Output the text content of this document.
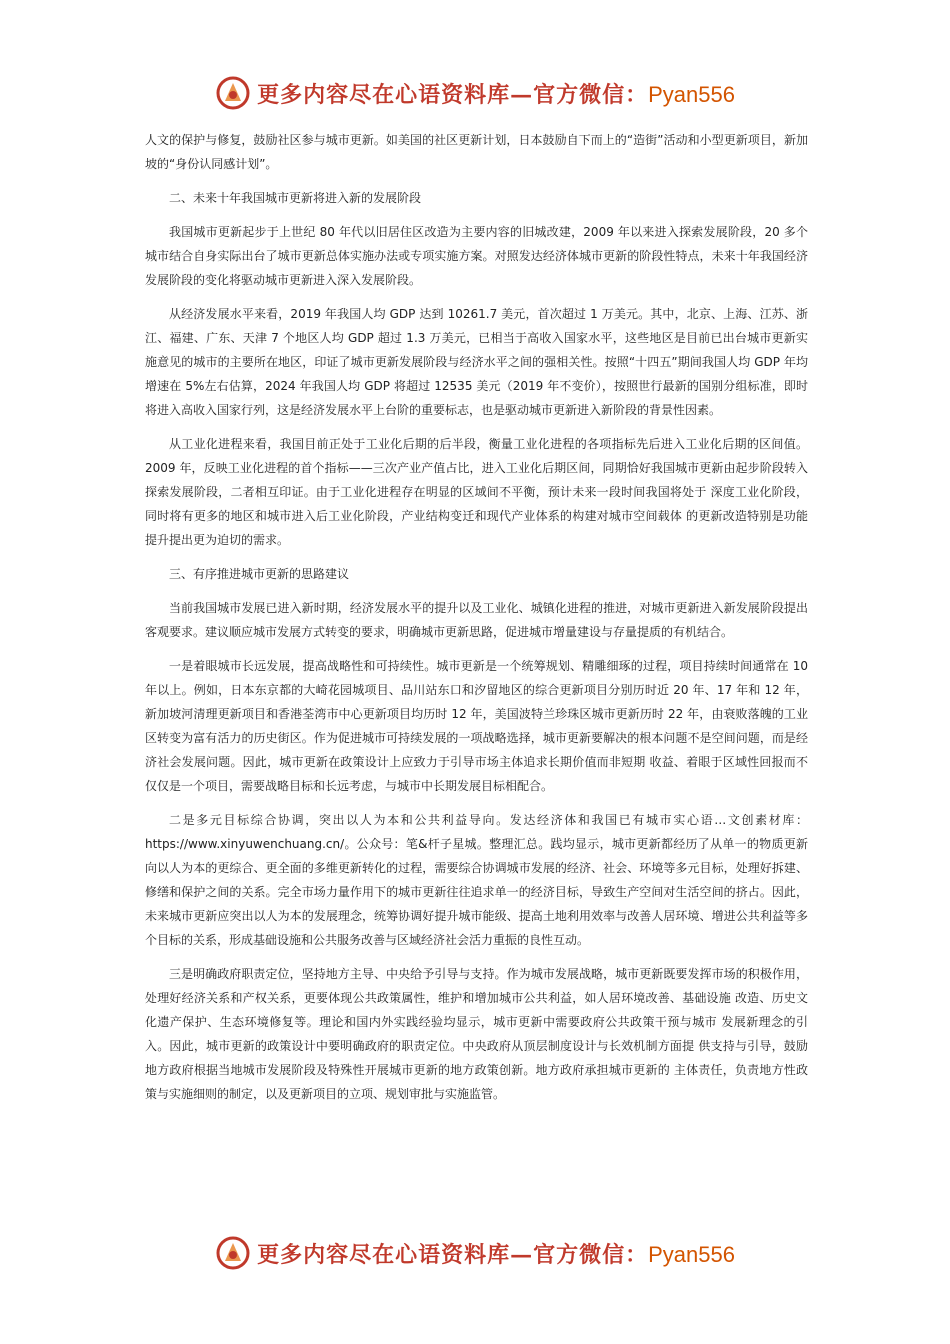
更多内容尽在心语资料库—官方微信：Pyan556

人文的保护与修复，鼓励社区参与城市更新。如美国的社区更新计划，日本鼓励自下而上的“造街”活动和小型更新项目，新加坡的“身份认同感计划”。

二、未来十年我国城市更新将进入新的发展阶段

我国城市更新起步于上世纪 80 年代以旧居住区改造为主要内容的旧城改建，2009 年以来进入探索发展阶段，20 多个城市结合自身实际出台了城市更新总体实施办法或专项实施方案。对照发达经济体城市更新的阶段性特点，未来十年我国经济发展阶段的变化将驱动城市更新进入深入发展阶段。

从经济发展水平来看，2019 年我国人均 GDP 达到 10261.7 美元，首次超过 1 万美元。其中，北京、上海、江苏、浙江、福建、广东、天津 7 个地区人均 GDP 超过 1.3 万美元，已相当于高收入国家水平，这些地区是目前已出台城市更新实施意见的城市的主要所在地区，印证了城市更新发展阶段与经济水平之间的强相关性。按照“十四五”期间我国人均 GDP 年均增速在 5%左右估算，2024 年我国人均 GDP 将超过 12535 美元（2019 年不变价），按照世行最新的国别分组标准，即时将进入高收入国家行列，这是经济发展水平上台阶的重要标志，也是驱动城市更新进入新阶段的背景性因素。

从工业化进程来看，我国目前正处于工业化后期的后半段，衡量工业化进程的各项指标先后进入工业化后期的区间值。2009 年，反映工业化进程的首个指标——三次产业产值占比，进入工业化后期区间，同期恰好我国城市更新由起步阶段转入探索发展阶段，二者相互印证。由于工业化进程存在明显的区域间不平衡，预计未来一段时间我国将处于 深度工业化阶段，同时将有更多的地区和城市进入后工业化阶段，产业结构变迁和现代产业体系的构建对城市空间载体 的更新改造特别是功能提升提出更为迫切的需求。

三、有序推进城市更新的思路建议

当前我国城市发展已进入新时期，经济发展水平的提升以及工业化、城镇化进程的推进，对城市更新进入新发展阶段提出客观要求。建议顺应城市发展方式转变的要求，明确城市更新思路，促进城市增量建设与存量提质的有机结合。

一是着眼城市长远发展，提高战略性和可持续性。城市更新是一个统筹规划、精雕细琢的过程，项目持续时间通常在 10 年以上。例如，日本东京都的大崎花园城项目、品川站东口和汐留地区的综合更新项目分别历时近 20 年、17 年和 12 年，新加坡河清理更新项目和香港荃湾市中心更新项目均历时 12 年，美国波特兰珍珠区城市更新历时 22 年，由衰败落魄的工业区转变为富有活力的历史街区。作为促进城市可持续发展的一项战略选择，城市更新要解决的根本问题不是空间问题，而是经济社会发展问题。因此，城市更新在政策设计上应致力于引导市场主体追求长期价值而非短期 收益、着眼于区域性回报而不仅仅是一个项目，需要战略目标和长远考虑，与城市中长期发展目标相配合。

二是多元目标综合协调，突出以人为本和公共利益导向。发达经济体和我国已有城市实心语…文创素材库：https://www.xinyuwenchuang.cn/。公众号：笔&杆子星城。整理汇总。践均显示，城市更新都经历了从单一的物质更新向以人为本的更综合、更全面的多维更新转化的过程，需要综合协调城市发展的经济、社会、环境等多元目标，处理好拆建、修缮和保护之间的关系。完全市场力量作用下的城市更新往往追求单一的经济目标，导致生产空间对生活空间的挤占。因此，未来城市更新应突出以人为本的发展理念，统筹协调好提升城市能级、提高土地利用效率与改善人居环境、增进公共利益等多个目标的关系，形成基础设施和公共服务改善与区域经济社会活力重振的良性互动。

三是明确政府职责定位，坚持地方主导、中央给予引导与支持。作为城市发展战略，城市更新既要发挥市场的积极作用，处理好经济关系和产权关系，更要体现公共政策属性，维护和增加城市公共利益，如人居环境改善、基础设施 改造、历史文化遗产保护、生态环境修复等。理论和国内外实践经验均显示，城市更新中需要政府公共政策干预与城市 发展新理念的引入。因此，城市更新的政策设计中要明确政府的职责定位。中央政府从顶层制度设计与长效机制方面提 供支持与引导，鼓励地方政府根据当地城市发展阶段及特殊性开展城市更新的地方政策创新。地方政府承担城市更新的 主体责任，负责地方性政策与实施细则的制定，以及更新项目的立项、规划审批与实施监管。

更多内容尽在心语资料库—官方微信：Pyan556
